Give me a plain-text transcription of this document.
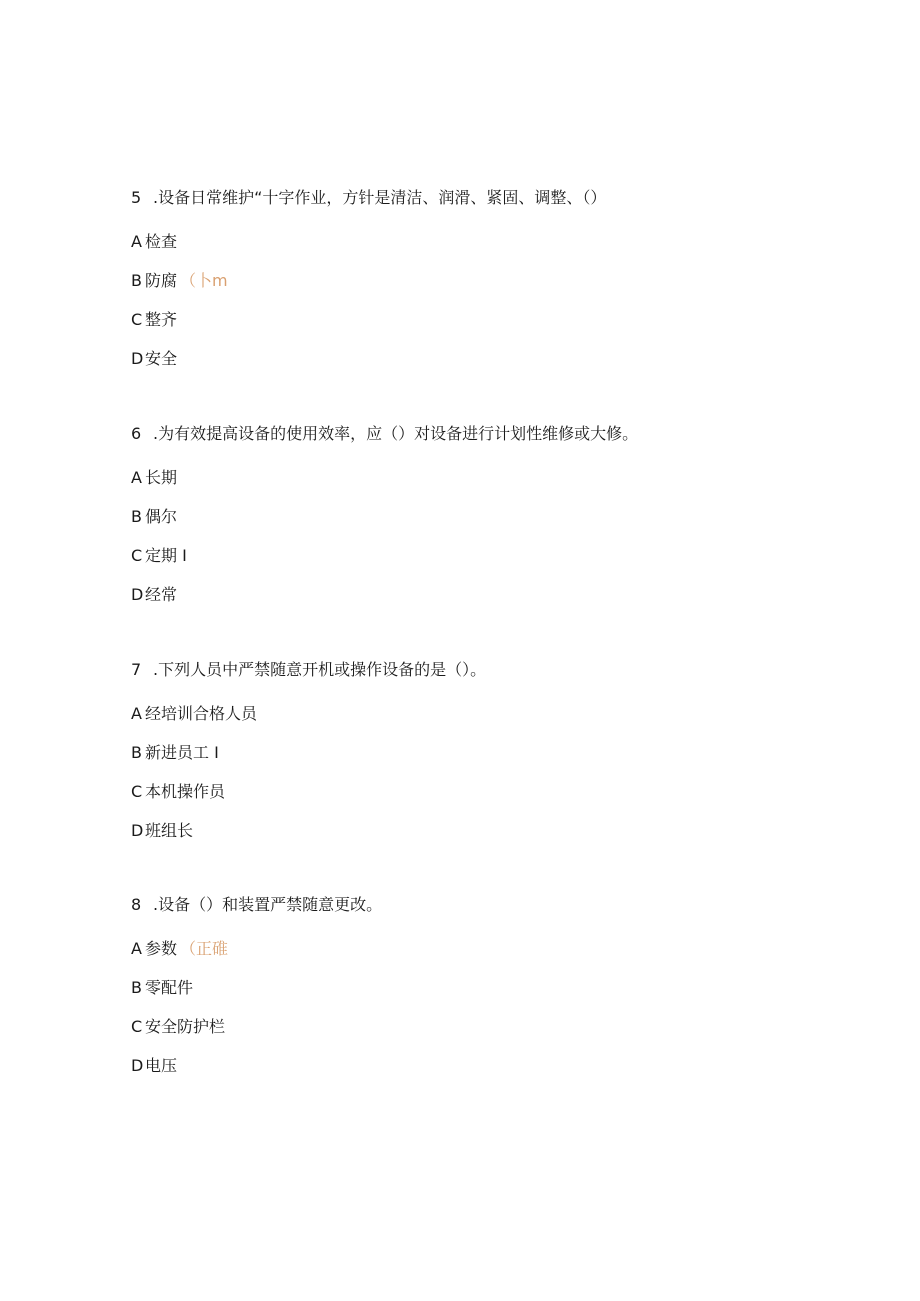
5 .设备日常维护“十字作业，方针是清洁、润滑、紧固、调整、（）
A 检查
B 防腐 （卜m
C 整齐
D 安全
6 .为有效提高设备的使用效率，应（）对设备进行计划性维修或大修。
A 长期
B 偶尔
C 定期 I
D 经常
7 .下列人员中严禁随意开机或操作设备的是（）。
A 经培训合格人员
B 新进员工 I
C 本机操作员
D 班组长
8 .设备（）和装置严禁随意更改。
A 参数 （正碓
B 零配件
C 安全防护栏
D 电压
